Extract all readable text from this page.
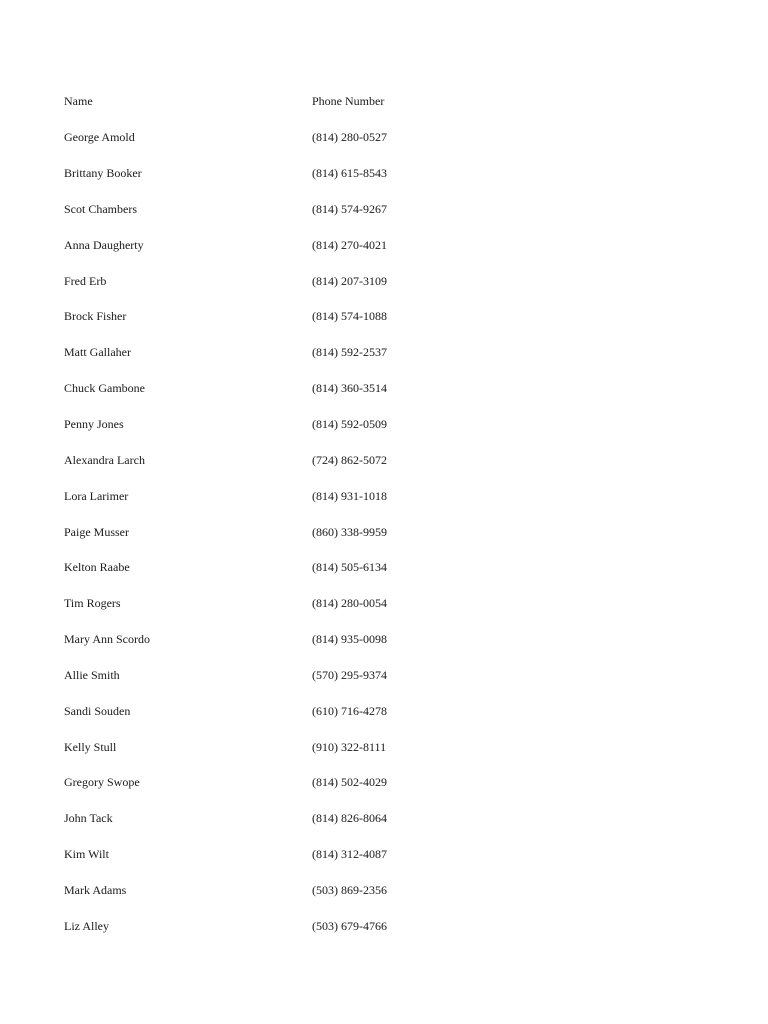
Name	Phone Number
George Amold	(814) 280-0527
Brittany Booker	(814) 615-8543
Scot Chambers	(814) 574-9267
Anna Daugherty	(814) 270-4021
Fred Erb	(814) 207-3109
Brock Fisher	(814) 574-1088
Matt Gallaher	(814) 592-2537
Chuck Gambone	(814) 360-3514
Penny Jones	(814) 592-0509
Alexandra Larch	(724) 862-5072
Lora Larimer	(814) 931-1018
Paige Musser	(860) 338-9959
Kelton Raabe	(814) 505-6134
Tim Rogers	(814) 280-0054
Mary Ann Scordo	(814) 935-0098
Allie Smith	(570) 295-9374
Sandi Souden	(610) 716-4278
Kelly Stull	(910) 322-8111
Gregory Swope	(814) 502-4029
John Tack	(814) 826-8064
Kim Wilt	(814) 312-4087
Mark Adams	(503) 869-2356
Liz Alley	(503) 679-4766
